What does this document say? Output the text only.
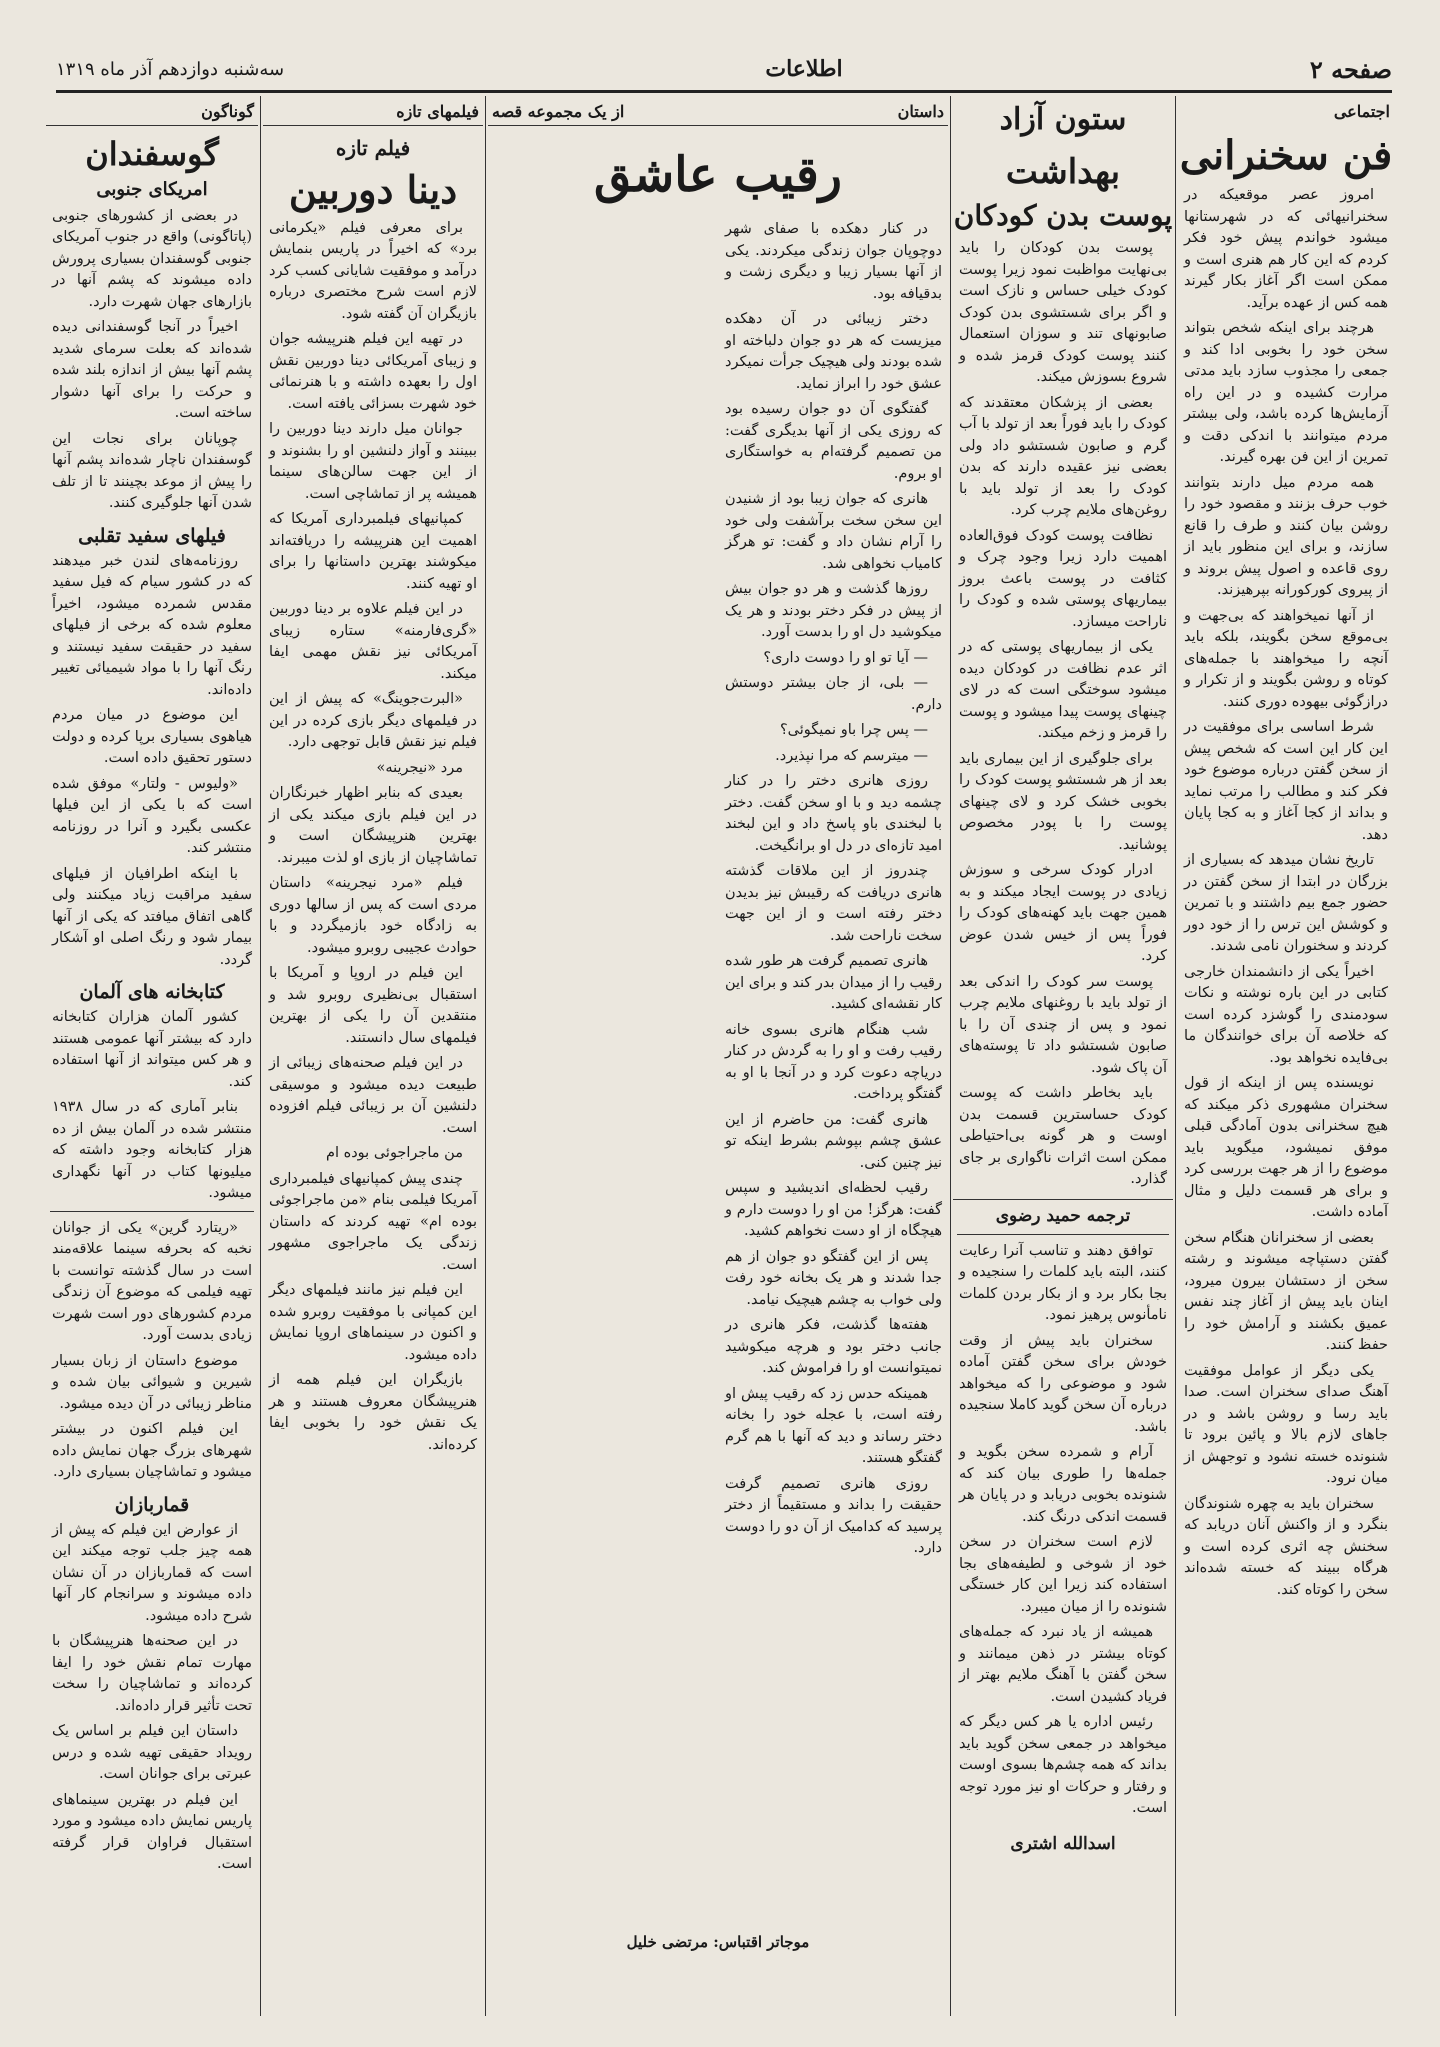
صفحه ۲
اطلاعات
سه‌شنبه دوازدهم آذر ماه ۱۳۱۹
اجتماعی
فن سخنرانی

امروز عصر موقعیکه در سخنرانیهائی که در شهرستانها میشود خواندم پیش خود فکر کردم که این کار هم هنری است و ممکن است اگر آغاز بکار گیرند همه کس از عهده برآید.

هرچند برای اینکه شخص بتواند سخن خود را بخوبی ادا کند و جمعی را مجذوب سازد باید مدتی مرارت کشیده و در این راه آزمایش‌ها کرده باشد، ولی بیشتر مردم میتوانند با اندکی دقت و تمرین از این فن بهره گیرند.

همه مردم میل دارند بتوانند خوب حرف بزنند و مقصود خود را روشن بیان کنند و طرف را قانع سازند، و برای این منظور باید از روی قاعده و اصول پیش بروند و از پیروی کورکورانه بپرهیزند.

از آنها نمیخواهند که بی‌جهت و بی‌موقع سخن بگویند، بلکه باید آنچه را میخواهند با جمله‌های کوتاه و روشن بگویند و از تکرار و درازگوئی بیهوده دوری کنند.

شرط اساسی برای موفقیت در این کار این است که شخص پیش از سخن گفتن درباره موضوع خود فکر کند و مطالب را مرتب نماید و بداند از کجا آغاز و به کجا پایان دهد.

تاریخ نشان میدهد که بسیاری از بزرگان در ابتدا از سخن گفتن در حضور جمع بیم داشتند و با تمرین و کوشش این ترس را از خود دور کردند و سخنوران نامی شدند.

اخیراً یکی از دانشمندان خارجی کتابی در این باره نوشته و نکات سودمندی را گوشزد کرده است که خلاصه آن برای خوانندگان ما بی‌فایده نخواهد بود.

نویسنده پس از اینکه از قول سخنران مشهوری ذکر میکند که هیچ سخنرانی بدون آمادگی قبلی موفق نمیشود، میگوید باید موضوع را از هر جهت بررسی کرد و برای هر قسمت دلیل و مثال آماده داشت.

بعضی از سخنرانان هنگام سخن گفتن دستپاچه میشوند و رشته سخن از دستشان بیرون میرود، اینان باید پیش از آغاز چند نفس عمیق بکشند و آرامش خود را حفظ کنند.

یکی دیگر از عوامل موفقیت آهنگ صدای سخنران است. صدا باید رسا و روشن باشد و در جاهای لازم بالا و پائین برود تا شنونده خسته نشود و توجهش از میان نرود.

سخنران باید به چهره شنوندگان بنگرد و از واکنش آنان دریابد که سخنش چه اثری کرده است و هرگاه ببیند که خسته شده‌اند سخن را کوتاه کند.

ستون آزاد
بهداشت
پوست بدن کودکان

پوست بدن کودکان را باید بی‌نهایت مواظبت نمود زیرا پوست کودک خیلی حساس و نازک است و اگر برای شستشوی بدن کودک صابونهای تند و سوزان استعمال کنند پوست کودک قرمز شده و شروع بسوزش میکند.

بعضی از پزشکان معتقدند که کودک را باید فوراً بعد از تولد با آب گرم و صابون شستشو داد ولی بعضی نیز عقیده دارند که بدن کودک را بعد از تولد باید با روغن‌های ملایم چرب کرد.

نظافت پوست کودک فوق‌العاده اهمیت دارد زیرا وجود چرک و کثافت در پوست باعث بروز بیماریهای پوستی شده و کودک را ناراحت میسازد.

یکی از بیماریهای پوستی که در اثر عدم نظافت در کودکان دیده میشود سوختگی است که در لای چینهای پوست پیدا میشود و پوست را قرمز و زخم میکند.

برای جلوگیری از این بیماری باید بعد از هر شستشو پوست کودک را بخوبی خشک کرد و لای چینهای پوست را با پودر مخصوص پوشانید.

ادرار کودک سرخی و سوزش زیادی در پوست ایجاد میکند و به همین جهت باید کهنه‌های کودک را فوراً پس از خیس شدن عوض کرد.

پوست سر کودک را اندکی بعد از تولد باید با روغنهای ملایم چرب نمود و پس از چندی آن را با صابون شستشو داد تا پوسته‌های آن پاک شود.

باید بخاطر داشت که پوست کودک حساسترین قسمت بدن اوست و هر گونه بی‌احتیاطی ممکن است اثرات ناگواری بر جای گذارد.

ترجمه حمید رضوی

توافق دهند و تناسب آنرا رعایت کنند، البته باید کلمات را سنجیده و بجا بکار برد و از بکار بردن کلمات نامأنوس پرهیز نمود.

سخنران باید پیش از وقت خودش برای سخن گفتن آماده شود و موضوعی را که میخواهد درباره آن سخن گوید کاملا سنجیده باشد.

آرام و شمرده سخن بگوید و جمله‌ها را طوری بیان کند که شنونده بخوبی دریابد و در پایان هر قسمت اندکی درنگ کند.

لازم است سخنران در سخن خود از شوخی و لطیفه‌های بجا استفاده کند زیرا این کار خستگی شنونده را از میان میبرد.

همیشه از یاد نبرد که جمله‌های کوتاه بیشتر در ذهن میمانند و سخن گفتن با آهنگ ملایم بهتر از فریاد کشیدن است.

رئیس اداره یا هر کس دیگر که میخواهد در جمعی سخن گوید باید بداند که همه چشم‌ها بسوی اوست و رفتار و حرکات او نیز مورد توجه است.

اسدالله اشتری
داستان
از یک مجموعه قصه
رقیب عاشق

در کنار دهکده با صفای شهر دوچوپان جوان زندگی میکردند. یکی از آنها بسیار زیبا و دیگری زشت و بدقیافه بود.

دختر زیبائی در آن دهکده میزیست که هر دو جوان دلباخته او شده بودند ولی هیچیک جرأت نمیکرد عشق خود را ابراز نماید.

گفتگوی آن دو جوان رسیده بود که روزی یکی از آنها بدیگری گفت: من تصمیم گرفته‌ام به خواستگاری او بروم.

هانری که جوان زیبا بود از شنیدن این سخن سخت برآشفت ولی خود را آرام نشان داد و گفت: تو هرگز کامیاب نخواهی شد.

روزها گذشت و هر دو جوان بیش از پیش در فکر دختر بودند و هر یک میکوشید دل او را بدست آورد.

— آیا تو او را دوست داری؟

— بلی، از جان بیشتر دوستش دارم.

— پس چرا باو نمیگوئی؟

— میترسم که مرا نپذیرد.

روزی هانری دختر را در کنار چشمه دید و با او سخن گفت. دختر با لبخندی باو پاسخ داد و این لبخند امید تازه‌ای در دل او برانگیخت.

چندروز از این ملاقات گذشته هانری دریافت که رقیبش نیز بدیدن دختر رفته است و از این جهت سخت ناراحت شد.

هانری تصمیم گرفت هر طور شده رقیب را از میدان بدر کند و برای این کار نقشه‌ای کشید.

شب هنگام هانری بسوی خانه رقیب رفت و او را به گردش در کنار دریاچه دعوت کرد و در آنجا با او به گفتگو پرداخت.

هانری گفت: من حاضرم از این عشق چشم بپوشم بشرط اینکه تو نیز چنین کنی.

رقیب لحظه‌ای اندیشید و سپس گفت: هرگز! من او را دوست دارم و هیچگاه از او دست نخواهم کشید.

پس از این گفتگو دو جوان از هم جدا شدند و هر یک بخانه خود رفت ولی خواب به چشم هیچیک نیامد.

هفته‌ها گذشت، فکر هانری در جانب دختر بود و هرچه میکوشید نمیتوانست او را فراموش کند.

همینکه حدس زد که رقیب پیش او رفته است، با عجله خود را بخانه دختر رساند و دید که آنها با هم گرم گفتگو هستند.

روزی هانری تصمیم گرفت حقیقت را بداند و مستقیماً از دختر پرسید که کدامیک از آن دو را دوست دارد.

موجاتر اقتباس: مرتضی خلیل
فیلمهای تازه
فیلم تازه
دینا دوربین

برای معرفی فیلم «یکرمانی برد» که اخیراً در پاریس بنمایش درآمد و موفقیت شایانی کسب کرد لازم است شرح مختصری درباره بازیگران آن گفته شود.

در تهیه این فیلم هنرپیشه جوان و زیبای آمریکائی دینا دوربین نقش اول را بعهده داشته و با هنرنمائی خود شهرت بسزائی یافته است.

جوانان میل دارند دینا دوربین را ببینند و آواز دلنشین او را بشنوند و از این جهت سالن‌های سینما همیشه پر از تماشاچی است.

کمپانیهای فیلمبرداری آمریکا که اهمیت این هنرپیشه را دریافته‌اند میکوشند بهترین داستانها را برای او تهیه کنند.

در این فیلم علاوه بر دینا دوربین «گری‌فارمنه» ستاره زیبای آمریکائی نیز نقش مهمی ایفا میکند.

«البرت‌جوینگ» که پیش از این در فیلمهای دیگر بازی کرده در این فیلم نیز نقش قابل توجهی دارد.

مرد «نیجرینه»

بعیدی که بنابر اظهار خبرنگاران در این فیلم بازی میکند یکی از بهترین هنرپیشگان است و تماشاچیان از بازی او لذت میبرند.

فیلم «مرد نیجرینه» داستان مردی است که پس از سالها دوری به زادگاه خود بازمیگردد و با حوادث عجیبی روبرو میشود.

این فیلم در اروپا و آمریکا با استقبال بی‌نظیری روبرو شد و منتقدین آن را یکی از بهترین فیلمهای سال دانستند.

در این فیلم صحنه‌های زیبائی از طبیعت دیده میشود و موسیقی دلنشین آن بر زیبائی فیلم افزوده است.

من ماجراجوئی بوده ام

چندی پیش کمپانیهای فیلمبرداری آمریکا فیلمی بنام «من ماجراجوئی بوده ام» تهیه کردند که داستان زندگی یک ماجراجوی مشهور است.

این فیلم نیز مانند فیلمهای دیگر این کمپانی با موفقیت روبرو شده و اکنون در سینماهای اروپا نمایش داده میشود.

بازیگران این فیلم همه از هنرپیشگان معروف هستند و هر یک نقش خود را بخوبی ایفا کرده‌اند.

گوناگون
گوسفندان
امریکای جنوبی

در بعضی از کشورهای جنوبی (پاتاگونی) واقع در جنوب آمریکای جنوبی گوسفندان بسیاری پرورش داده میشوند که پشم آنها در بازارهای جهان شهرت دارد.

اخیراً در آنجا گوسفندانی دیده شده‌اند که بعلت سرمای شدید پشم آنها بیش از اندازه بلند شده و حرکت را برای آنها دشوار ساخته است.

چوپانان برای نجات این گوسفندان ناچار شده‌اند پشم آنها را پیش از موعد بچینند تا از تلف شدن آنها جلوگیری کنند.

فیلهای سفید تقلبی

روزنامه‌های لندن خبر میدهند که در کشور سیام که فیل سفید مقدس شمرده میشود، اخیراً معلوم شده که برخی از فیلهای سفید در حقیقت سفید نیستند و رنگ آنها را با مواد شیمیائی تغییر داده‌اند.

این موضوع در میان مردم هیاهوی بسیاری برپا کرده و دولت دستور تحقیق داده است.

«ولیوس - ولتار» موفق شده است که با یکی از این فیلها عکسی بگیرد و آنرا در روزنامه منتشر کند.

با اینکه اطرافیان از فیلهای سفید مراقبت زیاد میکنند ولی گاهی اتفاق میافتد که یکی از آنها بیمار شود و رنگ اصلی او آشکار گردد.

کتابخانه های آلمان

کشور آلمان هزاران کتابخانه دارد که بیشتر آنها عمومی هستند و هر کس میتواند از آنها استفاده کند.

بنابر آماری که در سال ۱۹۳۸ منتشر شده در آلمان بیش از ده هزار کتابخانه وجود داشته که میلیونها کتاب در آنها نگهداری میشود.

«ریتارد گرین» یکی از جوانان نخبه که بحرفه سینما علاقه‌مند است در سال گذشته توانست با تهیه فیلمی که موضوع آن زندگی مردم کشورهای دور است شهرت زیادی بدست آورد.

موضوع داستان از زبان بسیار شیرین و شیوائی بیان شده و مناظر زیبائی در آن دیده میشود.

این فیلم اکنون در بیشتر شهرهای بزرگ جهان نمایش داده میشود و تماشاچیان بسیاری دارد.

قماربازان

از عوارض این فیلم که پیش از همه چیز جلب توجه میکند این است که قماربازان در آن نشان داده میشوند و سرانجام کار آنها شرح داده میشود.

در این صحنه‌ها هنرپیشگان با مهارت تمام نقش خود را ایفا کرده‌اند و تماشاچیان را سخت تحت تأثیر قرار داده‌اند.

داستان این فیلم بر اساس یک رویداد حقیقی تهیه شده و درس عبرتی برای جوانان است.

این فیلم در بهترین سینماهای پاریس نمایش داده میشود و مورد استقبال فراوان قرار گرفته است.
